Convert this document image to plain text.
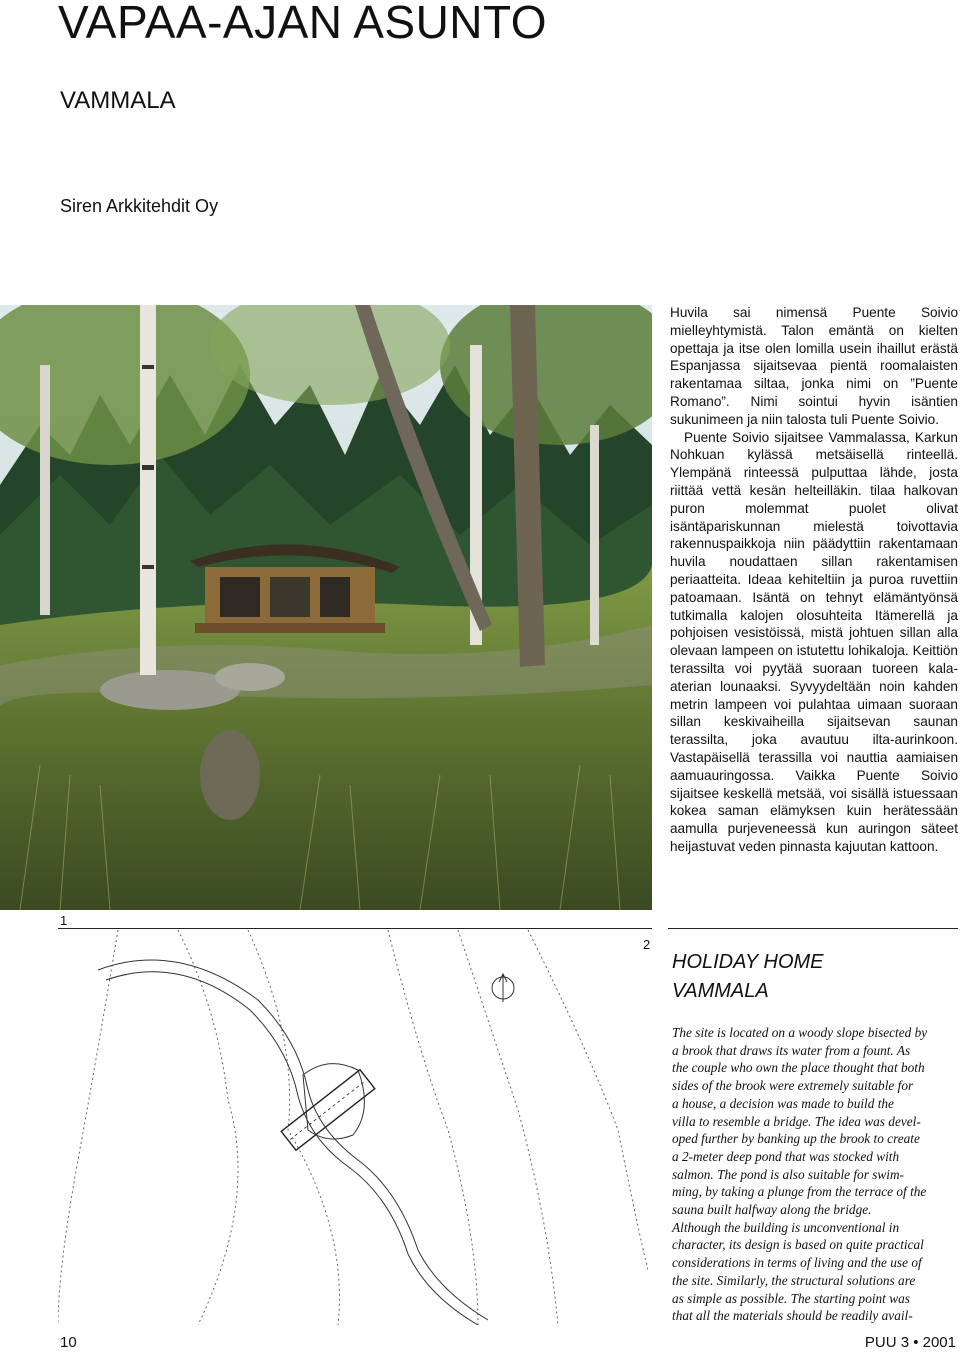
VAPAA-AJAN ASUNTO
VAMMALA
Siren Arkkitehdit Oy

Huvila sai nimensä Puente Soivio mielleyhtymistä. Talon emäntä on kielten opettaja ja itse olen lomilla usein ihaillut erästä Espanjassa sijaitsevaa pientä roomalaisten rakentamaa siltaa, jonka nimi on ”Puente Romano”. Nimi sointui hyvin isäntien sukunimeen ja niin talosta tuli Puente Soivio.

Puente Soivio sijaitsee Vammalassa, Karkun Nohkuan kylässä metsäisellä rinteellä. Ylempänä rinteessä pulputtaa lähde, josta riittää vettä kesän helteilläkin. tilaa halkovan puron molemmat puolet olivat isäntäpariskunnan mielestä toivottavia rakennuspaikkoja niin päädyttiin rakentamaan huvila noudattaen sillan rakentamisen periaatteita. Ideaa kehiteltiin ja puroa ruvettiin patoamaan. Isäntä on tehnyt elämäntyönsä tutkimalla kalojen olosuhteita Itämerellä ja pohjoisen vesistöissä, mistä johtuen sillan alla olevaan lampeen on istutettu lohikaloja. Keittiön terassilta voi pyytää suoraan tuoreen kala-aterian lounaaksi. Syvyydeltään noin kahden metrin lampeen voi pulahtaa uimaan suoraan sillan keskivaiheilla sijaitsevan saunan terassilta, joka avautuu ilta-aurinkoon. Vastapäisellä terassilla voi nauttia aamiaisen aamuauringossa. Vaikka Puente Soivio sijaitsee keskellä metsää, voi sisällä istuessaan kokea saman elämyksen kuin herätessään aamulla purjeveneessä kun auringon säteet heijastuvat veden pinnasta kajuutan kattoon.

1
2
HOLIDAY HOME
VAMMALA
The site is located on a woody slope bisected by
a brook that draws its water from a fount. As
the couple who own the place thought that both
sides of the brook were extremely suitable for
a house, a decision was made to build the
villa to resemble a bridge. The idea was devel-
oped further by banking up the brook to create
a 2-meter deep pond that was stocked with
salmon. The pond is also suitable for swim-
ming, by taking a plunge from the terrace of the
sauna built halfway along the bridge.
Although the building is unconventional in
character, its design is based on quite practical
considerations in terms of living and the use of
the site. Similarly, the structural solutions are
as simple as possible. The starting point was
that all the materials should be readily avail-
10	PUU 3 • 2001
